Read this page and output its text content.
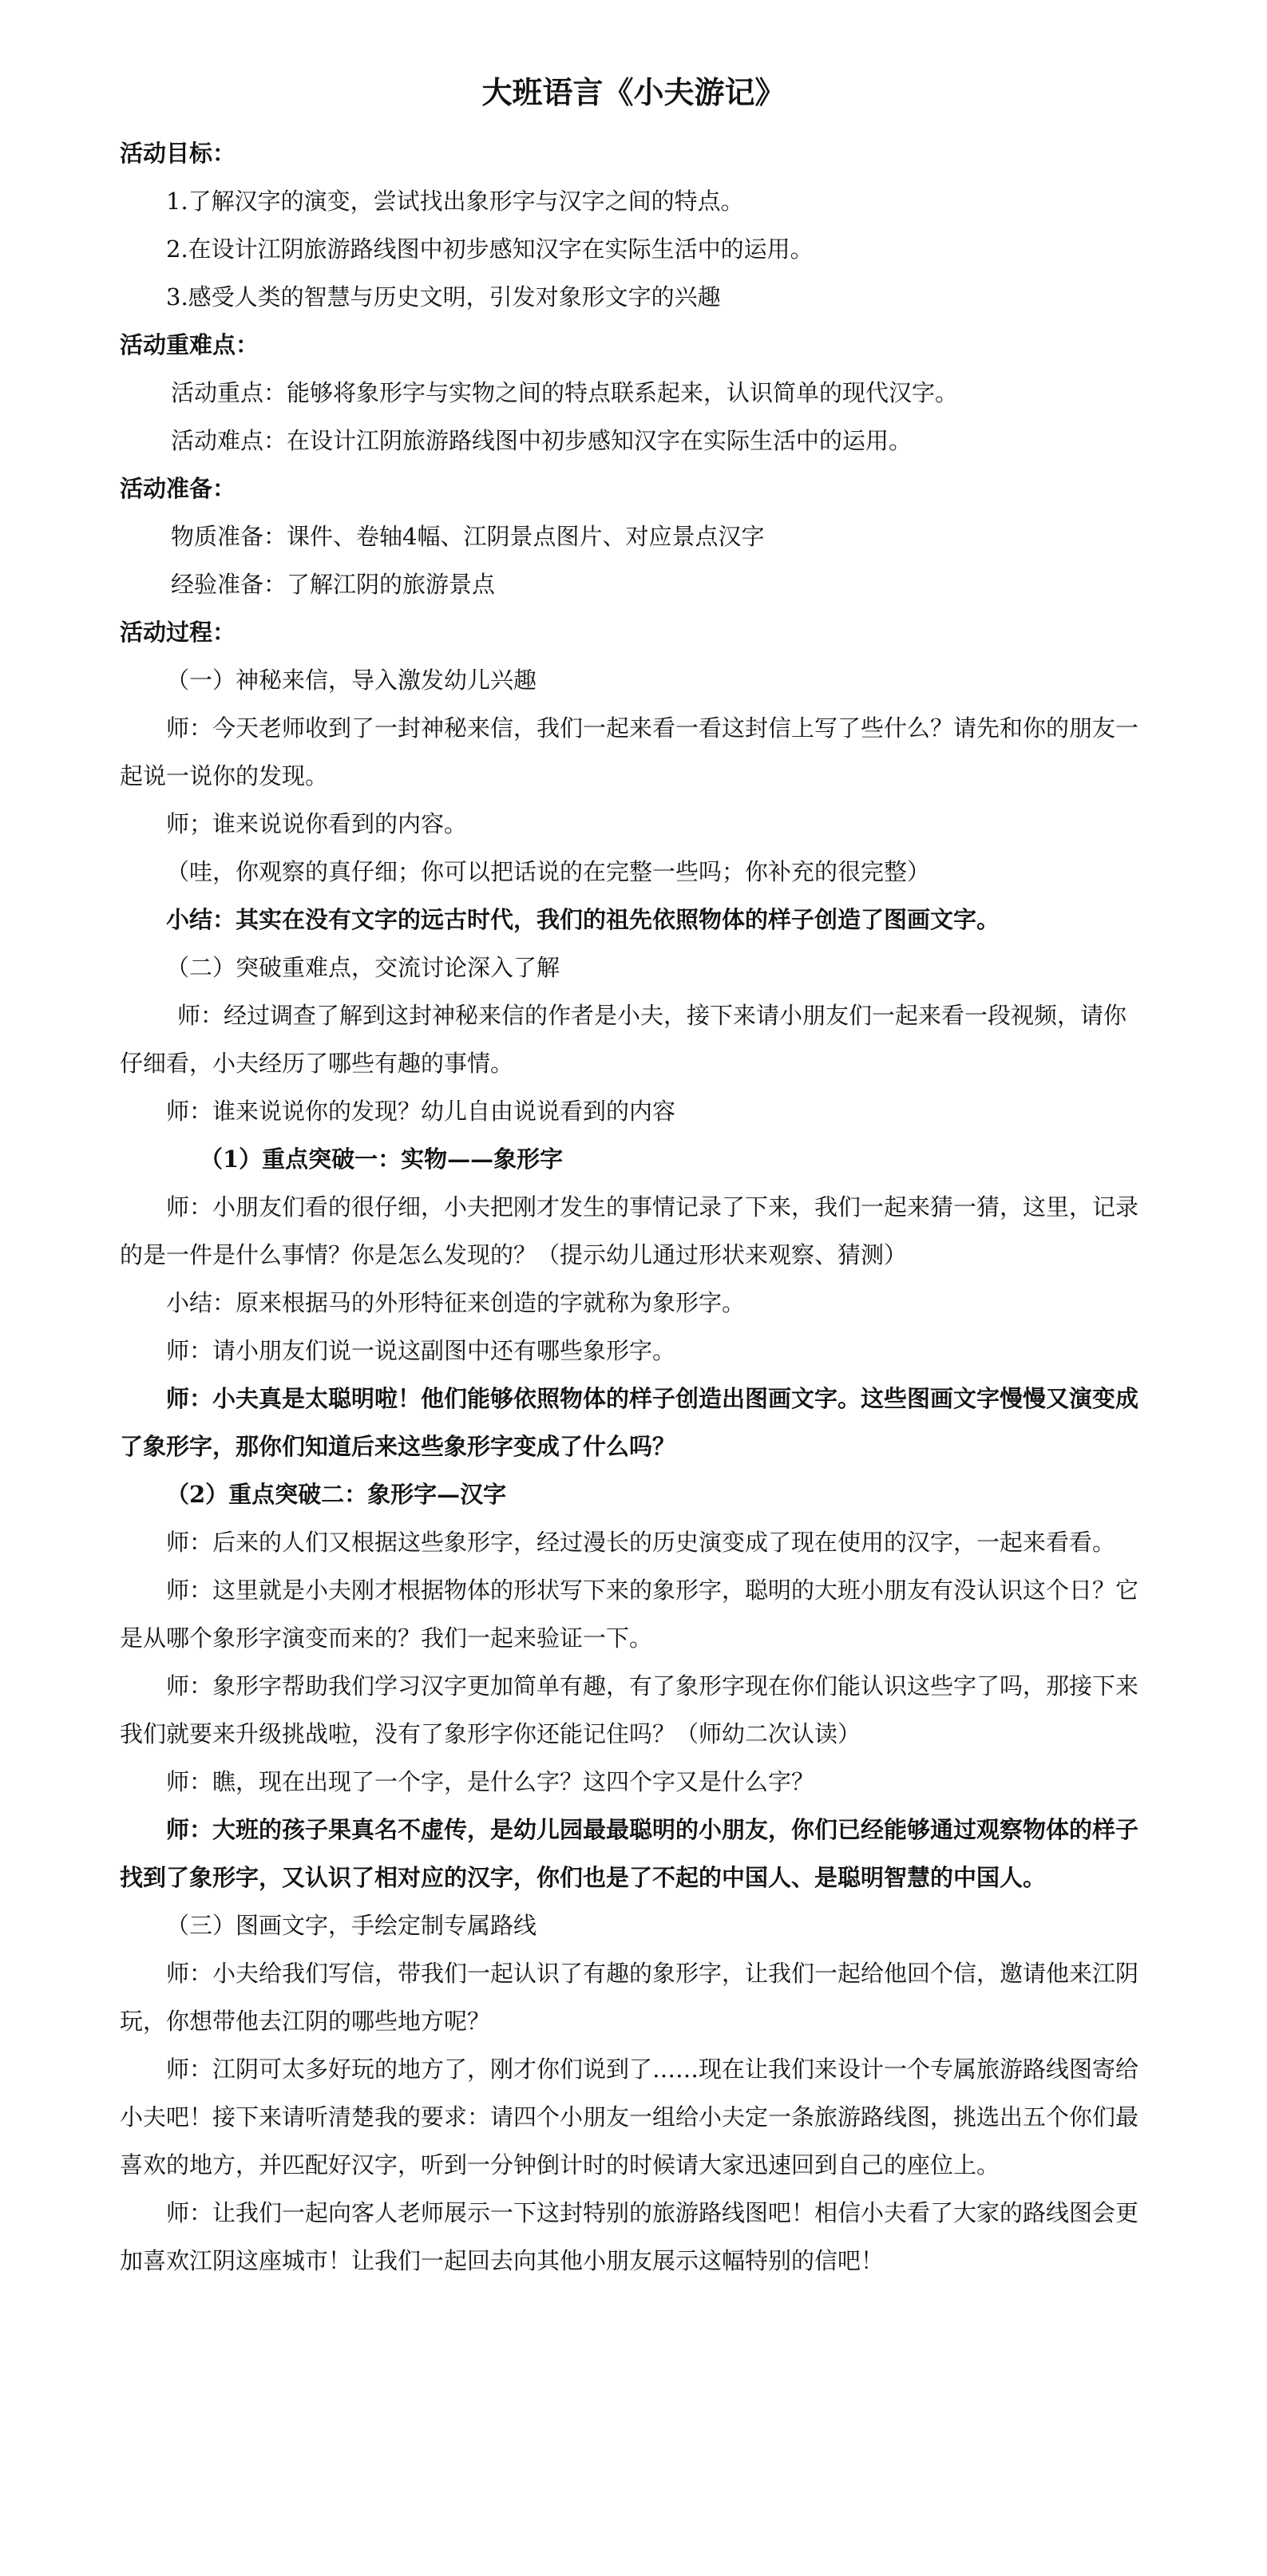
大班语言《小夫游记》

活动目标：

1.了解汉字的演变，尝试找出象形字与汉字之间的特点。

2.在设计江阴旅游路线图中初步感知汉字在实际生活中的运用。

3.感受人类的智慧与历史文明，引发对象形文字的兴趣

活动重难点：

活动重点：能够将象形字与实物之间的特点联系起来，认识简单的现代汉字。

活动难点：在设计江阴旅游路线图中初步感知汉字在实际生活中的运用。

活动准备：

物质准备：课件、卷轴4幅、江阴景点图片、对应景点汉字

经验准备：了解江阴的旅游景点

活动过程：

（一）神秘来信，导入激发幼儿兴趣

师：今天老师收到了一封神秘来信，我们一起来看一看这封信上写了些什么？请先和你的朋友一起说一说你的发现。

师；谁来说说你看到的内容。

（哇，你观察的真仔细；你可以把话说的在完整一些吗；你补充的很完整）

小结：其实在没有文字的远古时代，我们的祖先依照物体的样子创造了图画文字。

（二）突破重难点，交流讨论深入了解

师：经过调查了解到这封神秘来信的作者是小夫，接下来请小朋友们一起来看一段视频，请你仔细看，小夫经历了哪些有趣的事情。

师：谁来说说你的发现？幼儿自由说说看到的内容

（1）重点突破一：实物——象形字

师：小朋友们看的很仔细，小夫把刚才发生的事情记录了下来，我们一起来猜一猜，这里，记录的是一件是什么事情？你是怎么发现的？（提示幼儿通过形状来观察、猜测）

小结：原来根据马的外形特征来创造的字就称为象形字。

师：请小朋友们说一说这副图中还有哪些象形字。

师：小夫真是太聪明啦！他们能够依照物体的样子创造出图画文字。这些图画文字慢慢又演变成了象形字，那你们知道后来这些象形字变成了什么吗？

（2）重点突破二：象形字—汉字

师：后来的人们又根据这些象形字，经过漫长的历史演变成了现在使用的汉字，一起来看看。

师：这里就是小夫刚才根据物体的形状写下来的象形字，聪明的大班小朋友有没认识这个日？它是从哪个象形字演变而来的？我们一起来验证一下。

师：象形字帮助我们学习汉字更加简单有趣，有了象形字现在你们能认识这些字了吗，那接下来我们就要来升级挑战啦，没有了象形字你还能记住吗？（师幼二次认读）

师：瞧，现在出现了一个字，是什么字？这四个字又是什么字？

师：大班的孩子果真名不虚传，是幼儿园最最聪明的小朋友，你们已经能够通过观察物体的样子找到了象形字，又认识了相对应的汉字，你们也是了不起的中国人、是聪明智慧的中国人。

（三）图画文字，手绘定制专属路线

师：小夫给我们写信，带我们一起认识了有趣的象形字，让我们一起给他回个信，邀请他来江阴玩，你想带他去江阴的哪些地方呢？

师：江阴可太多好玩的地方了，刚才你们说到了……现在让我们来设计一个专属旅游路线图寄给小夫吧！接下来请听清楚我的要求：请四个小朋友一组给小夫定一条旅游路线图，挑选出五个你们最喜欢的地方，并匹配好汉字，听到一分钟倒计时的时候请大家迅速回到自己的座位上。

师：让我们一起向客人老师展示一下这封特别的旅游路线图吧！相信小夫看了大家的路线图会更加喜欢江阴这座城市！让我们一起回去向其他小朋友展示这幅特别的信吧！
